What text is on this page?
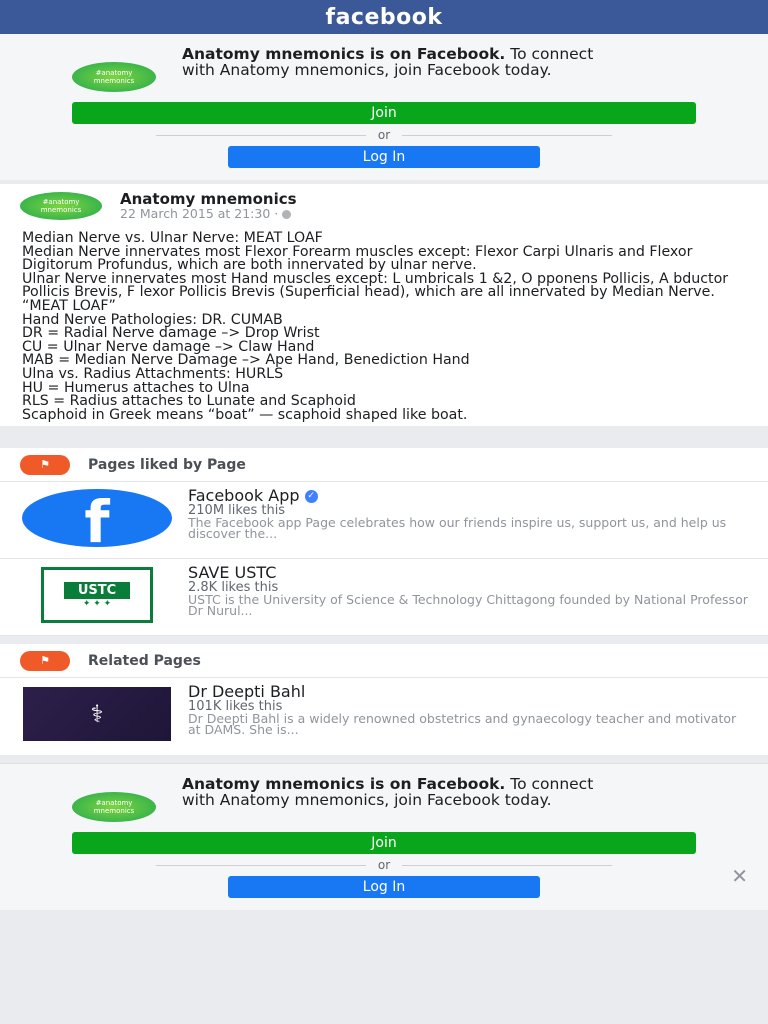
facebook
#anatomy
mnemonics
Anatomy mnemonics is on Facebook. To connect with Anatomy mnemonics, join Facebook today.
Join
or
Log In
#anatomy
mnemonics
Anatomy mnemonics
22 March 2015 at 21:30 ·
Median Nerve vs. Ulnar Nerve: MEAT LOAF
Median Nerve innervates most Flexor Forearm muscles except: Flexor Carpi Ulnaris and Flexor Digitorum Profundus, which are both innervated by ulnar nerve.
Ulnar Nerve innervates most Hand muscles except: L umbricals 1 &2, O pponens Pollicis, A bductor Pollicis Brevis, F lexor Pollicis Brevis (Superficial head), which are all innervated by Median Nerve. “MEAT LOAF”
Hand Nerve Pathologies: DR. CUMAB
DR = Radial Nerve damage –> Drop Wrist
CU = Ulnar Nerve damage –> Claw Hand
MAB = Median Nerve Damage –> Ape Hand, Benediction Hand
Ulna vs. Radius Attachments: HURLS
HU = Humerus attaches to Ulna
RLS = Radius attaches to Lunate and Scaphoid
Scaphoid in Greek means “boat” — scaphoid shaped like boat.
⚑	Pages liked by Page
f	Facebook App ✓
210M likes this
The Facebook app Page celebrates how our friends inspire us, support us, and help us discover the...
USTC
✦ ✦ ✦
SAVE USTC
2.8K likes this
USTC is the University of Science & Technology Chittagong founded by National Professor Dr Nurul...
⚑	Related Pages
⚕
Dr Deepti Bahl
101K likes this
Dr Deepti Bahl is a widely renowned obstetrics and gynaecology teacher and motivator at DAMS. She is...
#anatomy
mnemonics
Anatomy mnemonics is on Facebook. To connect with Anatomy mnemonics, join Facebook today.
Join
or
Log In	✕
